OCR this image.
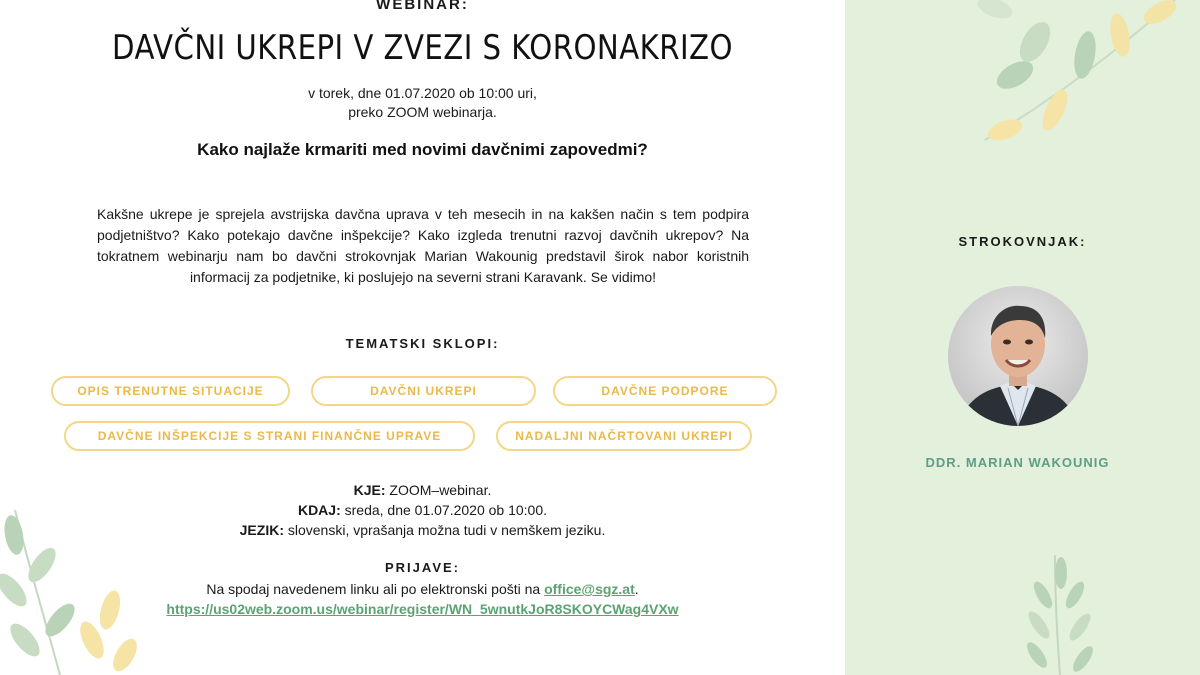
WEBINAR:
DAVČNI UKREPI V ZVEZI S KORONAKRIZO
v torek, dne 01.07.2020 ob 10:00 uri,
preko ZOOM webinarja.
Kako najlaže krmariti med novimi davčnimi zapovedmi?

Kakšne ukrepe je sprejela avstrijska davčna uprava v teh mesecih in na kakšen način s tem podpira podjetništvo? Kako potekajo davčne inšpekcije? Kako izgleda trenutni razvoj davčnih ukrepov? Na tokratnem webinarju nam bo davčni strokovnjak Marian Wakounig predstavil širok nabor koristnih informacij za podjetnike, ki poslujejo na severni strani Karavank. Se vidimo!

TEMATSKI SKLOPI:
OPIS TRENUTNE SITUACIJE	DAVČNI UKREPI	DAVČNE PODPORE
DAVČNE INŠPEKCIJE S STRANI FINANČNE UPRAVE	NADALJNI NAČRTOVANI UKREPI
KJE: ZOOM–webinar.
KDAJ: sreda, dne 01.07.2020 ob 10:00.
JEZIK: slovenski, vprašanja možna tudi v nemškem jeziku.
PRIJAVE:
Na spodaj navedenem linku ali po elektronski pošti na office@sgz.at.
https://us02web.zoom.us/webinar/register/WN_5wnutkJoR8SKOYCWag4VXw
STROKOVNJAK:
DDR. MARIAN WAKOUNIG
